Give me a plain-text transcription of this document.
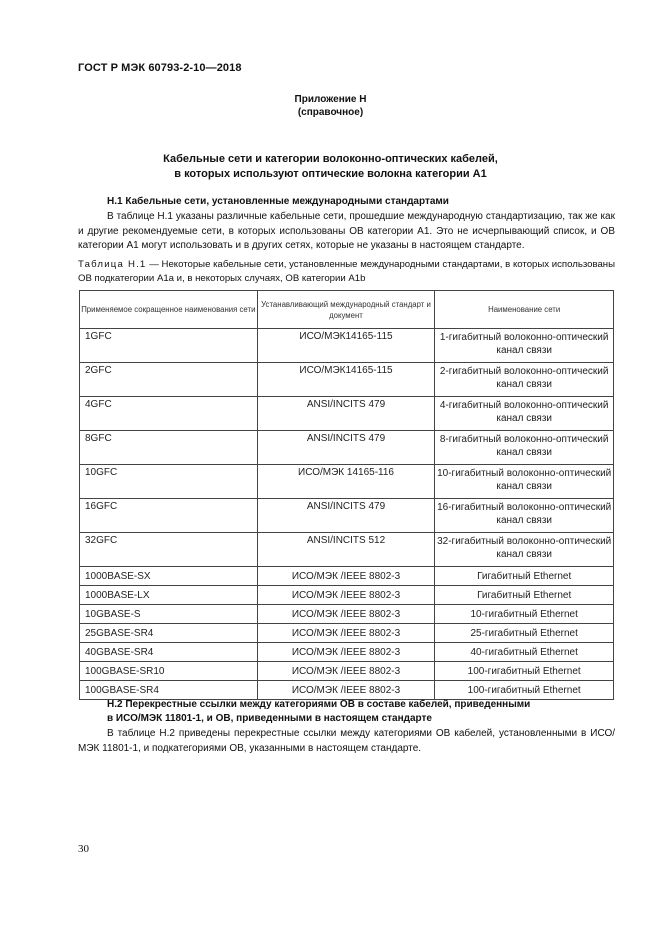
ГОСТ Р МЭК 60793-2-10—2018
Приложение Н
(справочное)
Кабельные сети и категории волоконно-оптических кабелей,
в которых используют оптические волокна категории А1
Н.1 Кабельные сети, установленные международными стандартами
В таблице Н.1 указаны различные кабельные сети, прошедшие международную стандартизацию, так же как и другие рекомендуемые сети, в которых использованы ОВ категории А1. Это не исчерпывающий список, и ОВ категории А1 могут использовать и в других сетях, которые не указаны в настоящем стандарте.
Таблица Н.1 — Некоторые кабельные сети, установленные международными стандартами, в которых использованы ОВ подкатегории А1а и, в некоторых случаях, ОВ категории А1b
Применяемое сокращенное наименования сети	Устанавливающий международный стандарт и документ	Наименование сети
1GFC	ИСО/МЭК14165-115	1-гигабитный волоконно-оптический канал связи
2GFC	ИСО/МЭК14165-115	2-гигабитный волоконно-оптический канал связи
4GFC	ANSI/INCITS 479	4-гигабитный волоконно-оптический канал связи
8GFC	ANSI/INCITS 479	8-гигабитный волоконно-оптический канал связи
10GFC	ИСО/МЭК 14165-116	10-гигабитный волоконно-оптический канал связи
16GFC	ANSI/INCITS 479	16-гигабитный волоконно-оптический канал связи
32GFC	ANSI/INCITS 512	32-гигабитный волоконно-оптический канал связи
1000BASE-SX	ИСО/МЭК /IEEE 8802-3	Гигабитный Ethernet
1000BASE-LX	ИСО/МЭК /IEEE 8802-3	Гигабитный Ethernet
10GBASE-S	ИСО/МЭК /IEEE 8802-3	10-гигабитный Ethernet
25GBASE-SR4	ИСО/МЭК /IEEE 8802-3	25-гигабитный Ethernet
40GBASE-SR4	ИСО/МЭК /IEEE 8802-3	40-гигабитный Ethernet
100GBASE-SR10	ИСО/МЭК /IEEE 8802-3	100-гигабитный Ethernet
100GBASE-SR4	ИСО/МЭК /IEEE 8802-3	100-гигабитный Ethernet
Н.2 Перекрестные ссылки между категориями ОВ в составе кабелей, приведенными
в ИСО/МЭК 11801-1, и ОВ, приведенными в настоящем стандарте
В таблице Н.2 приведены перекрестные ссылки между категориями ОВ кабелей, установленными в ИСО/МЭК 11801-1, и подкатегориями ОВ, указанными в настоящем стандарте.
30
